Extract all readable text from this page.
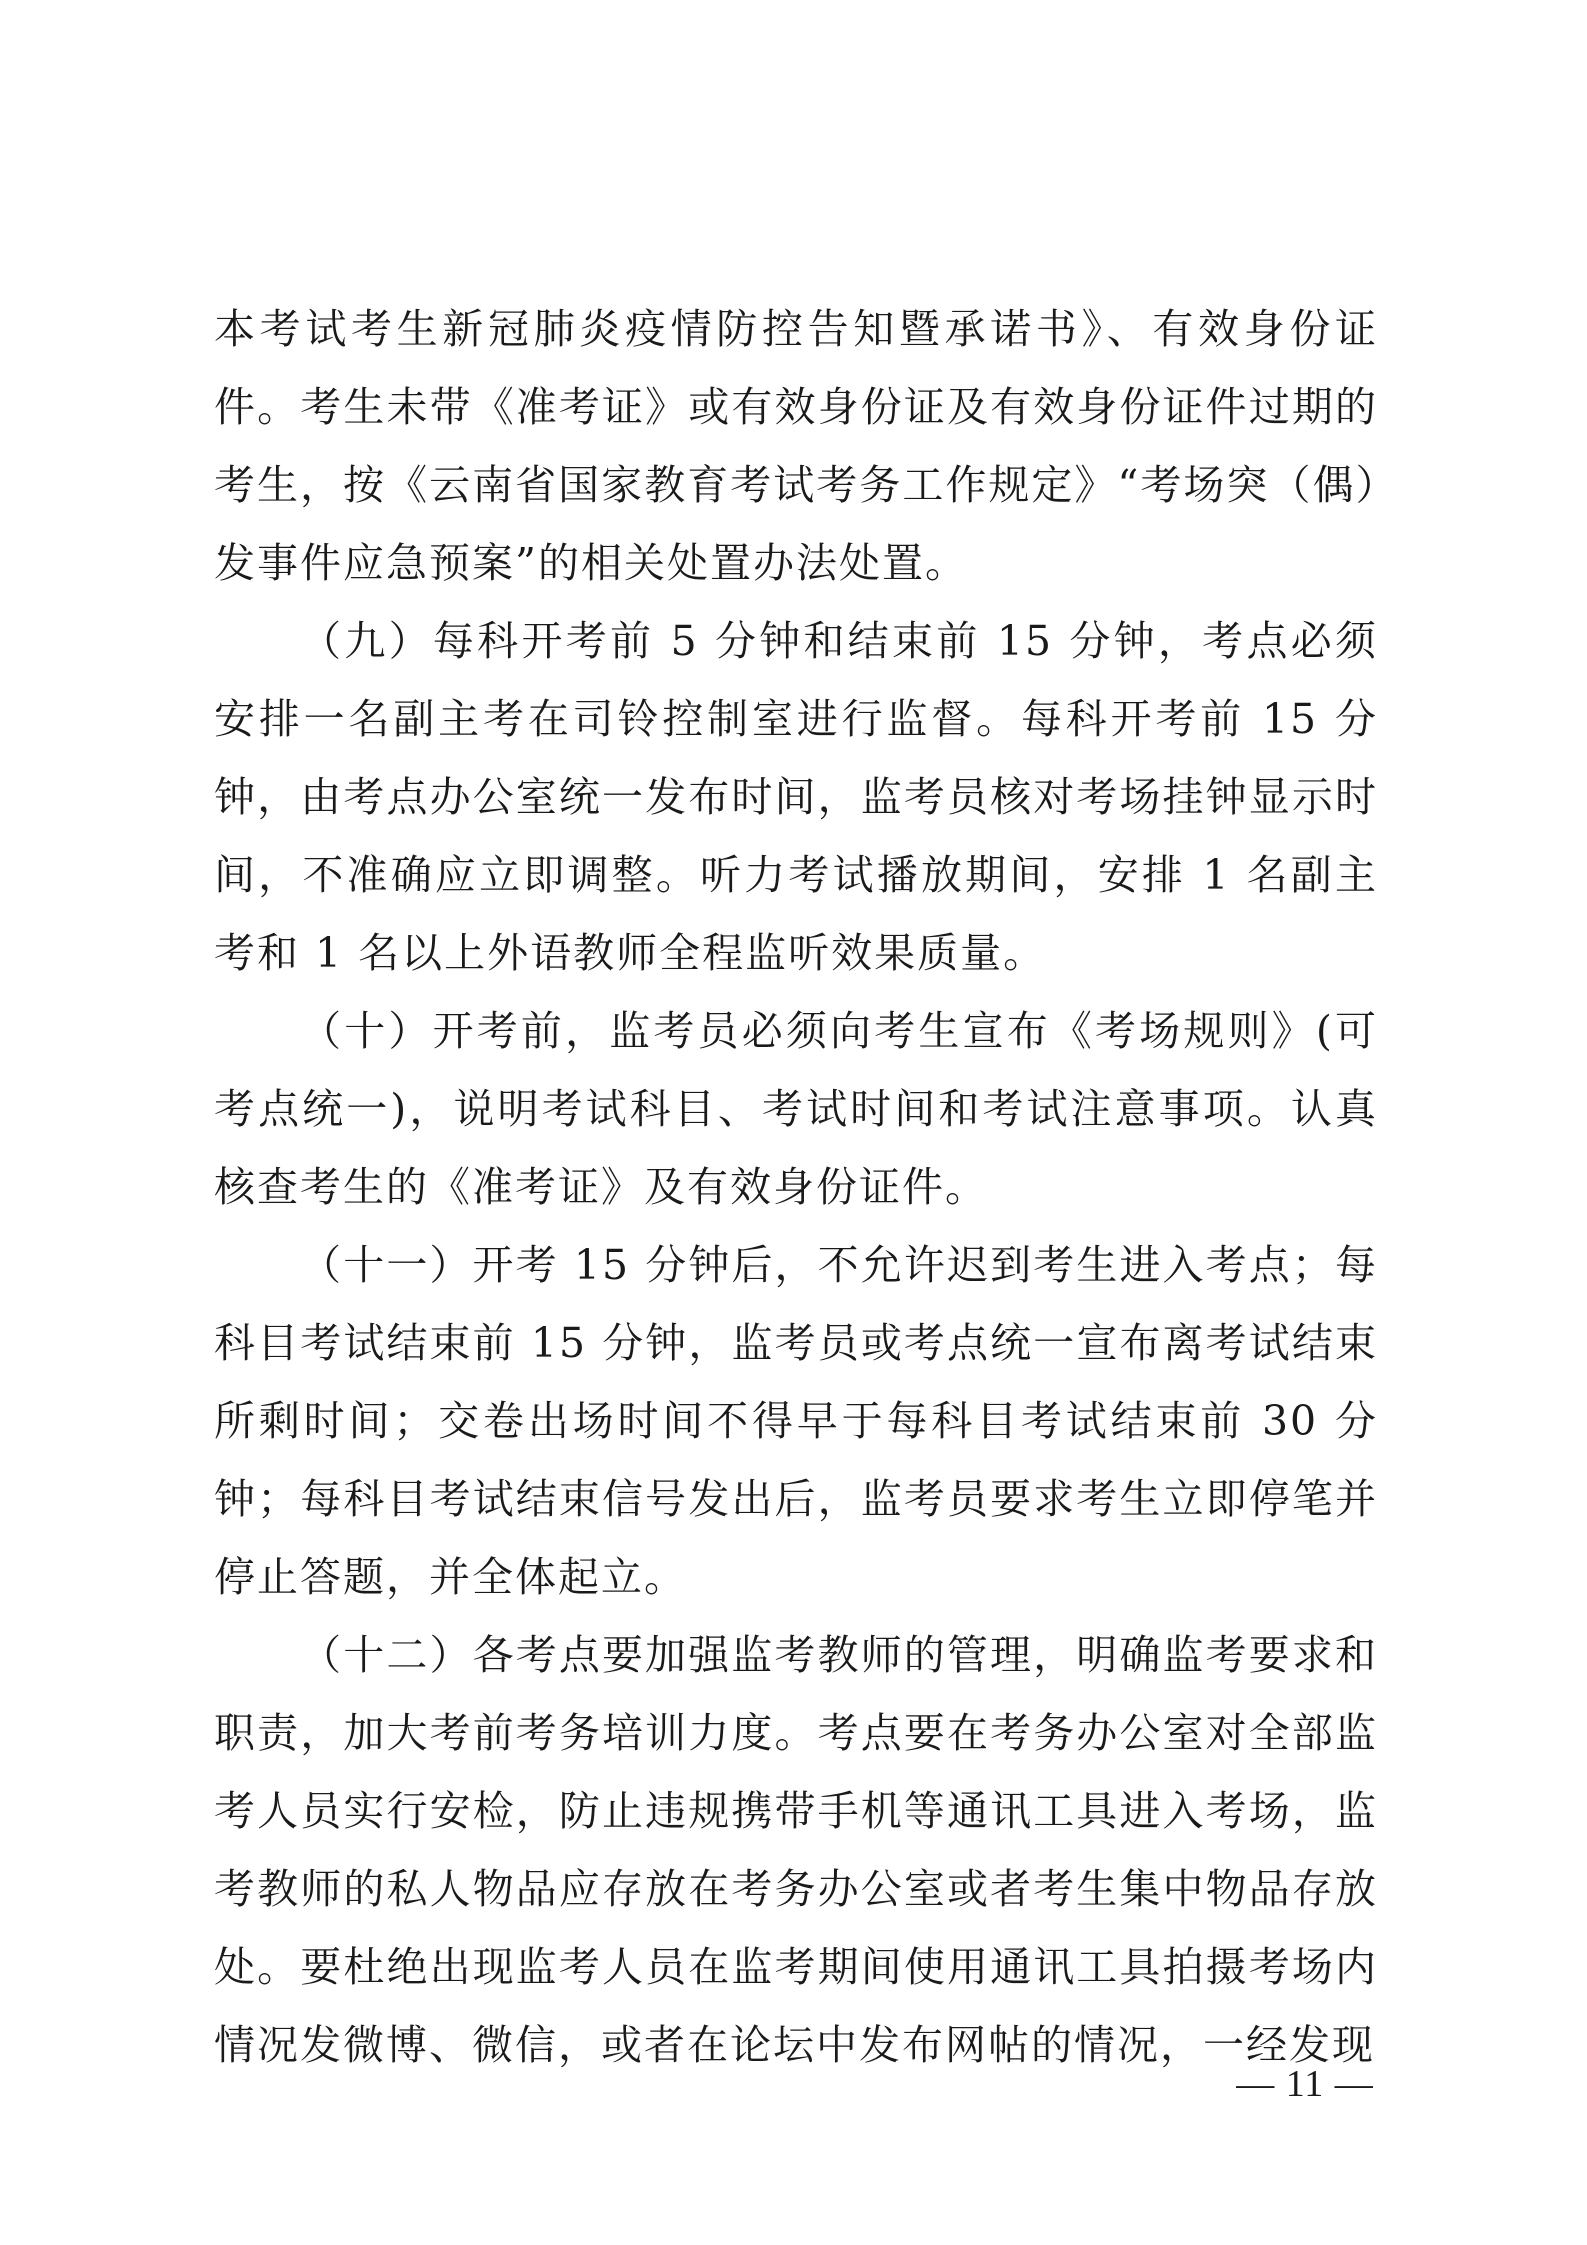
本考试考生新冠肺炎疫情防控告知暨承诺书》、有效身份证件。考生未带《准考证》或有效身份证及有效身份证件过期的考生，按《云南省国家教育考试考务工作规定》“考场突（偶）发事件应急预案”的相关处置办法处置。

（九）每科开考前 5 分钟和结束前 15 分钟，考点必须安排一名副主考在司铃控制室进行监督。每科开考前 15 分钟，由考点办公室统一发布时间，监考员核对考场挂钟显示时间，不准确应立即调整。听力考试播放期间，安排 1 名副主考和 1 名以上外语教师全程监听效果质量。

（十）开考前，监考员必须向考生宣布《考场规则》(可考点统一)，说明考试科目、考试时间和考试注意事项。认真核查考生的《准考证》及有效身份证件。

（十一）开考 15 分钟后，不允许迟到考生进入考点；每科目考试结束前 15 分钟，监考员或考点统一宣布离考试结束所剩时间；交卷出场时间不得早于每科目考试结束前 30 分钟；每科目考试结束信号发出后，监考员要求考生立即停笔并停止答题，并全体起立。

（十二）各考点要加强监考教师的管理，明确监考要求和职责，加大考前考务培训力度。考点要在考务办公室对全部监考人员实行安检，防止违规携带手机等通讯工具进入考场，监考教师的私人物品应存放在考务办公室或者考生集中物品存放处。要杜绝出现监考人员在监考期间使用通讯工具拍摄考场内情况发微博、微信，或者在论坛中发布网帖的情况，一经发现

— 11 —
